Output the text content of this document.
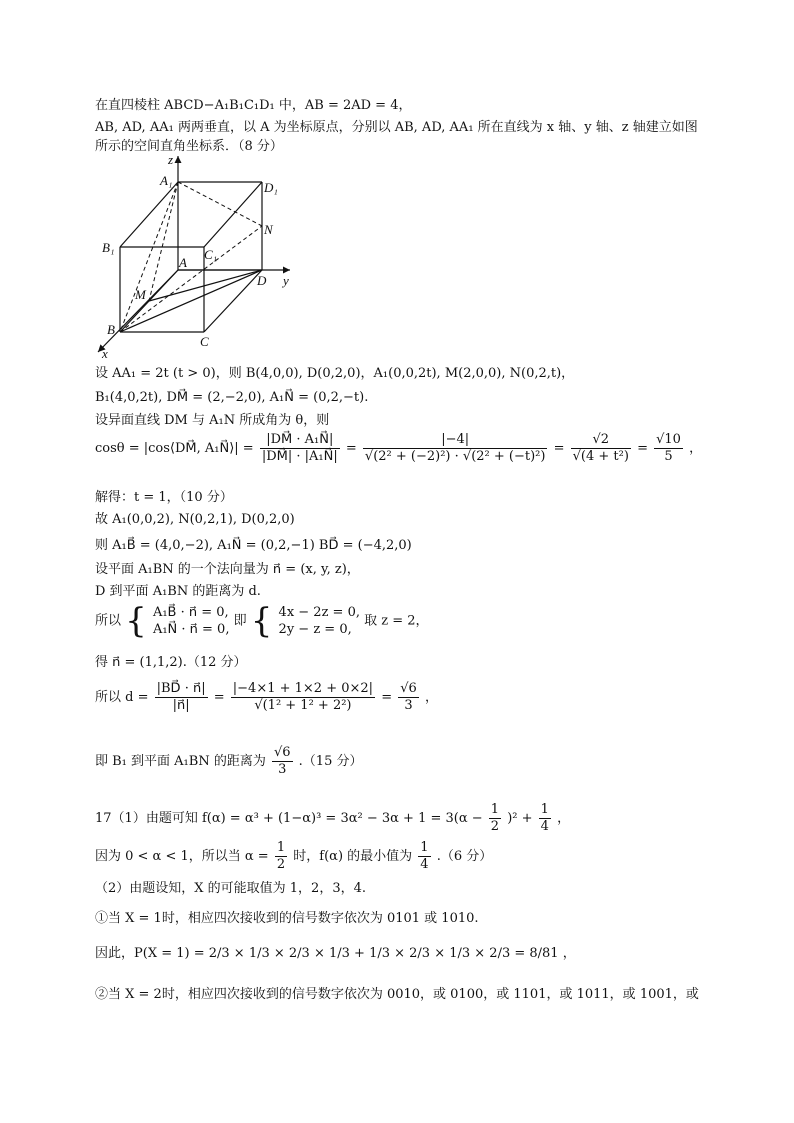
在直四棱柱 ABCD−A₁B₁C₁D₁ 中，AB = 2AD = 4，
AB, AD, AA₁ 两两垂直，以 A 为坐标原点，分别以 AB, AD, AA₁ 所在直线为 x 轴、y 轴、z 轴建立如图
所示的空间直角坐标系．（8 分）
z
y
x
A₁	D₁
B₁	C₁
A
D
N
M
B
C
设 AA₁ = 2t (t > 0)，则 B(4,0,0), D(0,2,0)，A₁(0,0,2t), M(2,0,0), N(0,2,t)，
B₁(4,0,2t), DM⃗ = (2,−2,0), A₁N⃗ = (0,2,−t).
设异面直线 DM 与 A₁N 所成角为 θ，则
cosθ = |cos⟨DM⃗, A₁N⃗⟩| = $\frac{\text{|DM⃗ · A₁N⃗|}}{\text{|DM⃗| · |A₁N⃗|}} = \frac{|-4|}{\text{√(2² + (−2)²) · √(2² + (−t)²)}} = \frac{√2}{\text{√(4 + t²)}} = \frac{√10}{5}$ ，
解得：t = 1，（10 分）
故 A₁(0,0,2), N(0,2,1), D(0,2,0)
则 A₁B⃗ = (4,0,−2), A₁N⃗ = (0,2,−1) BD⃗ = (−4,2,0)
设平面 A₁BN 的一个法向量为 n⃗ = (x, y, z)，
D 到平面 A₁BN 的距离为 d.
所以 { A₁B⃗ · n⃗ = 0,
A₁N⃗ · n⃗ = 0,
即 { 4x − 2z = 0,
2y − z = 0,
取 z = 2，
得 n⃗ = (1,1,2).（12 分）
所以 $d = \frac{|BD⃗ \cdot n⃗|}{|n⃗|} = \frac{|-4\times 1 + 1\times 2 + 0\times 2|}{\text{√(1² + 1² + 2²)}} = \frac{√6}{3}$ ，
即 B₁ 到平面 A₁BN 的距离为 $\frac{√6}{3} .(15$ 分）
17（1）由题可知 $f(\alpha) = \alpha^3 + (1-\alpha)^3 = 3\alpha^2 - 3\alpha + 1 = 3(\alpha - \frac{1}{2} )^2 + \frac{1}{4}$ ，
因为 0 < α < 1，所以当 $\alpha = \frac{1}{2}$ 时，f(α) 的最小值为 $\frac{1}{4} .(6$ 分）
（2）由题设知，X 的可能取值为 1，2，3，4.
①当 X = 1时，相应四次接收到的信号数字依次为 0101 或 1010.
因此，P(X = 1) = 2/3 × 1/3 × 2/3 × 1/3 + 1/3 × 2/3 × 1/3 × 2/3 = 8/81 ，
②当 X = 2时，相应四次接收到的信号数字依次为 0010，或 0100，或 1101，或 1011，或 1001，或
